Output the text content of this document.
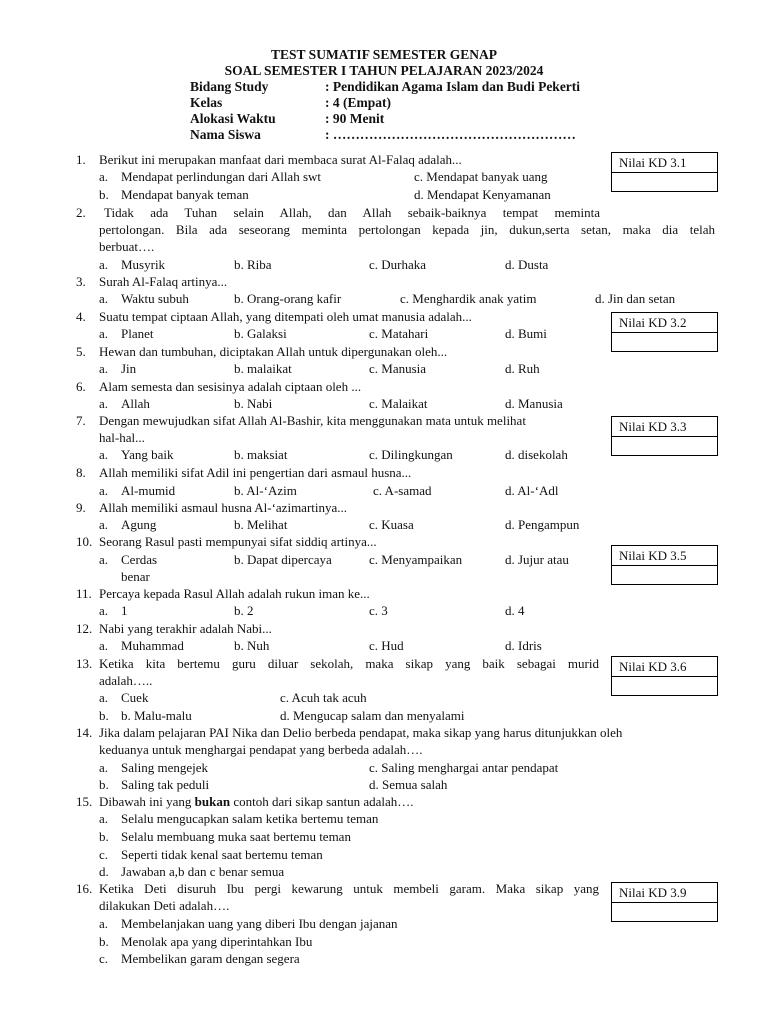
TEST SUMATIF SEMESTER GENAP
SOAL SEMESTER I TAHUN PELAJARAN 2023/2024
Bidang Study	: Pendidikan Agama Islam dan Budi Pekerti
Kelas	: 4 (Empat)
Alokasi Waktu	: 90 Menit
Nama Siswa	: ………………………………………………
Nilai KD 3.1
Nilai KD 3.2
Nilai KD 3.3
Nilai KD 3.5
Nilai KD 3.6
Nilai KD 3.9
1. Berikut ini merupakan manfaat dari membaca surat Al-Falaq adalah...
a. Mendapat perlindungan dari Allah swt	c. Mendapat banyak uang
b. Mendapat banyak teman	d. Mendapat Kenyamanan
2. Tidak ada Tuhan selain Allah, dan Allah sebaik-baiknya tempat meminta
pertolongan. Bila ada seseorang meminta pertolongan kepada jin, dukun,serta setan, maka dia telah
berbuat….
a. Musyrik	b. Riba	c. Durhaka	d. Dusta
3. Surah Al-Falaq artinya...
a. Waktu subuh	b. Orang-orang kafir	c. Menghardik anak yatim	d. Jin dan setan
4. Suatu tempat ciptaan Allah, yang ditempati oleh umat manusia adalah...
a. Planet	b. Galaksi	c. Matahari	d. Bumi
5. Hewan dan tumbuhan, diciptakan Allah untuk dipergunakan oleh...
a. Jin	b. malaikat	c. Manusia	d. Ruh
6. Alam semesta dan sesisinya adalah ciptaan oleh ...
a. Allah	b. Nabi	c. Malaikat	d. Manusia
7. Dengan mewujudkan sifat Allah Al-Bashir, kita menggunakan mata untuk melihat
hal-hal...
a. Yang baik	b. maksiat	c. Dilingkungan	d. disekolah
8. Allah memiliki sifat Adil ini pengertian dari asmaul husna...
a. Al-mumid	b. Al-‘Azim	c. A-samad	d. Al-‘Adl
9. Allah memiliki asmaul husna Al-‘azimartinya...
a. Agung	b. Melihat	c. Kuasa	d. Pengampun
10. Seorang Rasul pasti mempunyai sifat siddiq artinya...
a. Cerdas	b. Dapat dipercaya	c. Menyampaikan	d. Jujur atau
benar
11. Percaya kepada Rasul Allah adalah rukun iman ke...
a. 1	b. 2	c. 3	d. 4
12. Nabi yang terakhir adalah Nabi...
a. Muhammad	b. Nuh	c. Hud	d. Idris
13. Ketika kita bertemu guru diluar sekolah, maka sikap yang baik sebagai murid
adalah…..
a. Cuek	c. Acuh tak acuh
b. b. Malu-malu	d. Mengucap salam dan menyalami
14. Jika dalam pelajaran PAI Nika dan Delio berbeda pendapat, maka sikap yang harus ditunjukkan oleh
keduanya untuk menghargai pendapat yang berbeda adalah….
a. Saling mengejek	c. Saling menghargai antar pendapat
b. Saling tak peduli	d. Semua salah
15. Dibawah ini yang bukan contoh dari sikap santun adalah….
a. Selalu mengucapkan salam ketika bertemu teman
b. Selalu membuang muka saat bertemu teman
c. Seperti tidak kenal saat bertemu teman
d. Jawaban a,b dan c benar semua
16. Ketika Deti disuruh Ibu pergi kewarung untuk membeli garam. Maka sikap yang
dilakukan Deti adalah….
a. Membelanjakan uang yang diberi Ibu dengan jajanan
b. Menolak apa yang diperintahkan Ibu
c. Membelikan garam dengan segera
